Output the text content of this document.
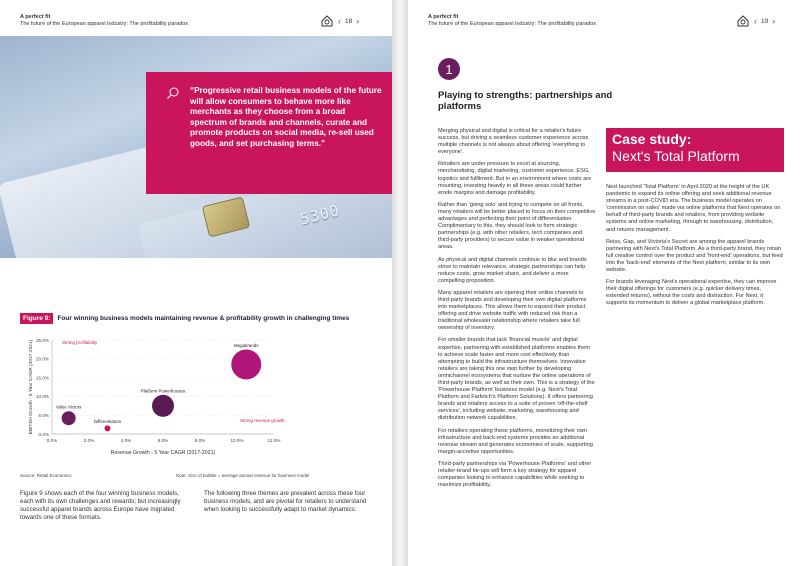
A perfect fit
The future of the European apparel industry: The profitability paradox	‹ 18 ›
5300

“Progressive retail business models of the future will allow consumers to behave more like merchants as they choose from a broad spectrum of brands and channels, curate and promote products on social media, re-sell used goods, and set purchasing terms.”

Figure 9:	Four winning business models maintaining revenue & profitability growth in challenging times
0.0%
5.0%
10.0%
15.0%
20.0%
25.0%
0.0%	2.0%	4.0%	6.0%	8.0%	10.0%	12.0%
Revenue Growth - 5 Year CAGR (2017-2021)
EBITDA Growth - 5 Year CAGR (2017-2021)	Strong profitability
Strong revenue growth
Value Victors
Differentiators
Platform Powerhouses
Megabrands
Source: Retail Economics	Note: Size of bubble = average annual revenue for business model
Figure 9 shows each of the four winning business models, each with its own challenges and rewards; but increasingly successful apparel brands across Europe have migrated towards one of these formats.
The following three themes are prevalent across these four business models, and are pivotal for retailers to understand when looking to successfully adapt to market dynamics:
A perfect fit
The future of the European apparel industry: The profitability paradox	‹ 19 ›
1
Playing to strengths: partnerships and platforms

Merging physical and digital is critical for a retailer's future success, but driving a seamless customer experience across multiple channels is not always about offering 'everything to everyone'.

Retailers are under pressure to excel at sourcing, merchandising, digital marketing, customer experience, ESG, logistics and fulfilment. But in an environment where costs are mounting, investing heavily in all these areas could further erode margins and damage profitability.

Rather than 'going solo' and trying to compete on all fronts, many retailers will be better placed to focus on their competitive advantages and perfecting their point of differentiation. Complimentary to this, they should look to form strategic partnerships (e.g. with other retailers, tech companies and third-party providers) to secure value in weaker operational areas.

As physical and digital channels continue to blur and brands strive to maintain relevance, strategic partnerships can help reduce costs, grow market share, and deliver a more compelling proposition.

Many apparel retailers are opening their online channels to third-party brands and developing their own digital platforms into marketplaces. This allows them to expand their product offering and drive website traffic with reduced risk than a traditional wholesaler relationship where retailers take full ownership of inventory.

For smaller brands that lack 'financial muscle' and digital expertise, partnering with established platforms enables them to achieve scale faster and more cost effectively than attempting to build the infrastructure themselves. Innovative retailers are taking this one step further by developing omnichannel ecosystems that nurture the online operations of third-party brands, as well as their own. This is a strategy of the 'Powerhouse Platform' business model (e.g. Next's Total Platform and Farfetch's Platform Solutions). It offers partnering brands and retailers access to a suite of proven 'off-the-shelf services', including website, marketing, warehousing and distribution network capabilities.

For retailers operating these platforms, monetizing their own infrastructure and back-end systems provides an additional revenue stream and generates economies of scale, supporting margin-accretive opportunities.

Third-party partnerships via 'Powerhouse Platforms' and other retailer-brand tie-ups will form a key strategy for apparel companies looking to enhance capabilities while seeking to maximize profitability.

Case study:
Next's Total Platform

Next launched 'Total Platform' in April 2020 at the height of the UK pandemic to expand its online offering and seek additional revenue streams in a post-COVID era. The business model operates on 'commission on sales' made via online platforms that Next operates on behalf of third-party brands and retailers, from providing website systems and online marketing, through to warehousing, distribution, and returns management.

Reiss, Gap, and Victoria's Secret are among the apparel brands partnering with Next's Total Platform. As a third-party brand, they retain full creative control over the product and 'front-end' operations, but feed into the 'back-end' elements of the Next platform, similar to its own website.

For brands leveraging Next's operational expertise, they can improve their digital offerings for customers (e.g. quicker delivery times, extended returns), without the costs and distraction. For Next, it supports its momentum to deliver a global marketplace platform.
